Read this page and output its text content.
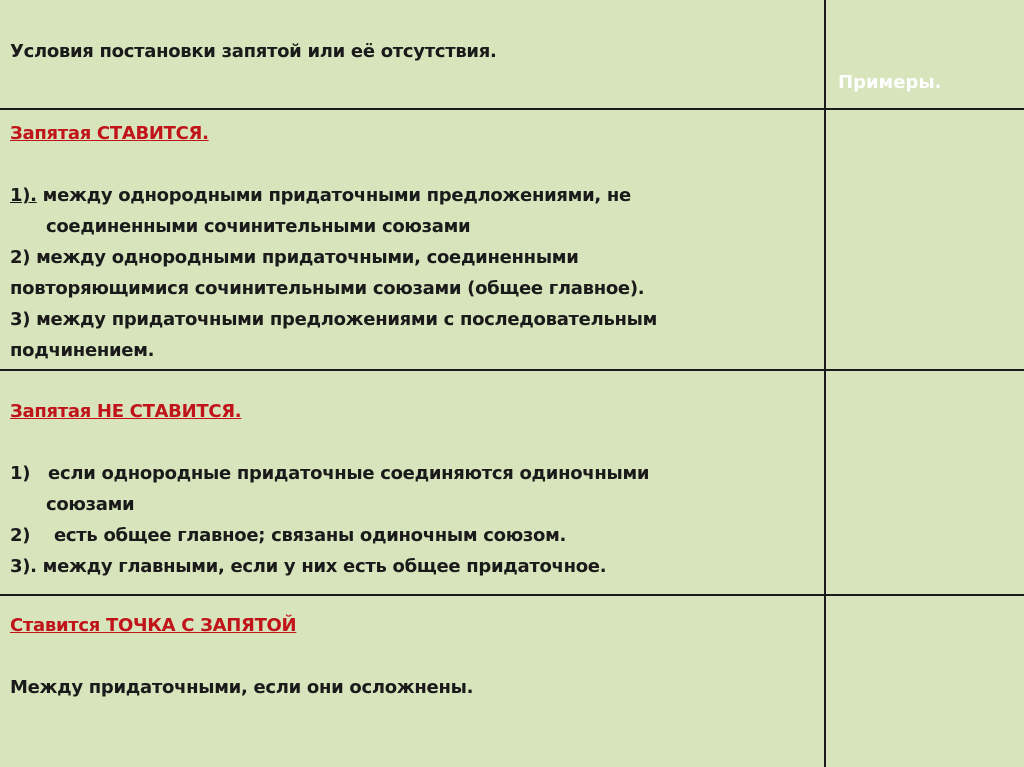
Примеры.

Условия постановки запятой или её отсутствия.

Запятая СТАВИТСЯ.

1). между однородными придаточными предложениями, не

соединенными сочинительными союзами

2) между однородными придаточными, соединенными

повторяющимися сочинительными союзами (общее главное).

3) между придаточными предложениями с последовательным

подчинением.

Запятая НЕ СТАВИТСЯ.

1)   если однородные придаточные соединяются одиночными

союзами

2)    есть общее главное; связаны одиночным союзом.

3). между главными, если у них есть общее придаточное.

Ставится ТОЧКА С ЗАПЯТОЙ

Между придаточными, если они осложнены.
